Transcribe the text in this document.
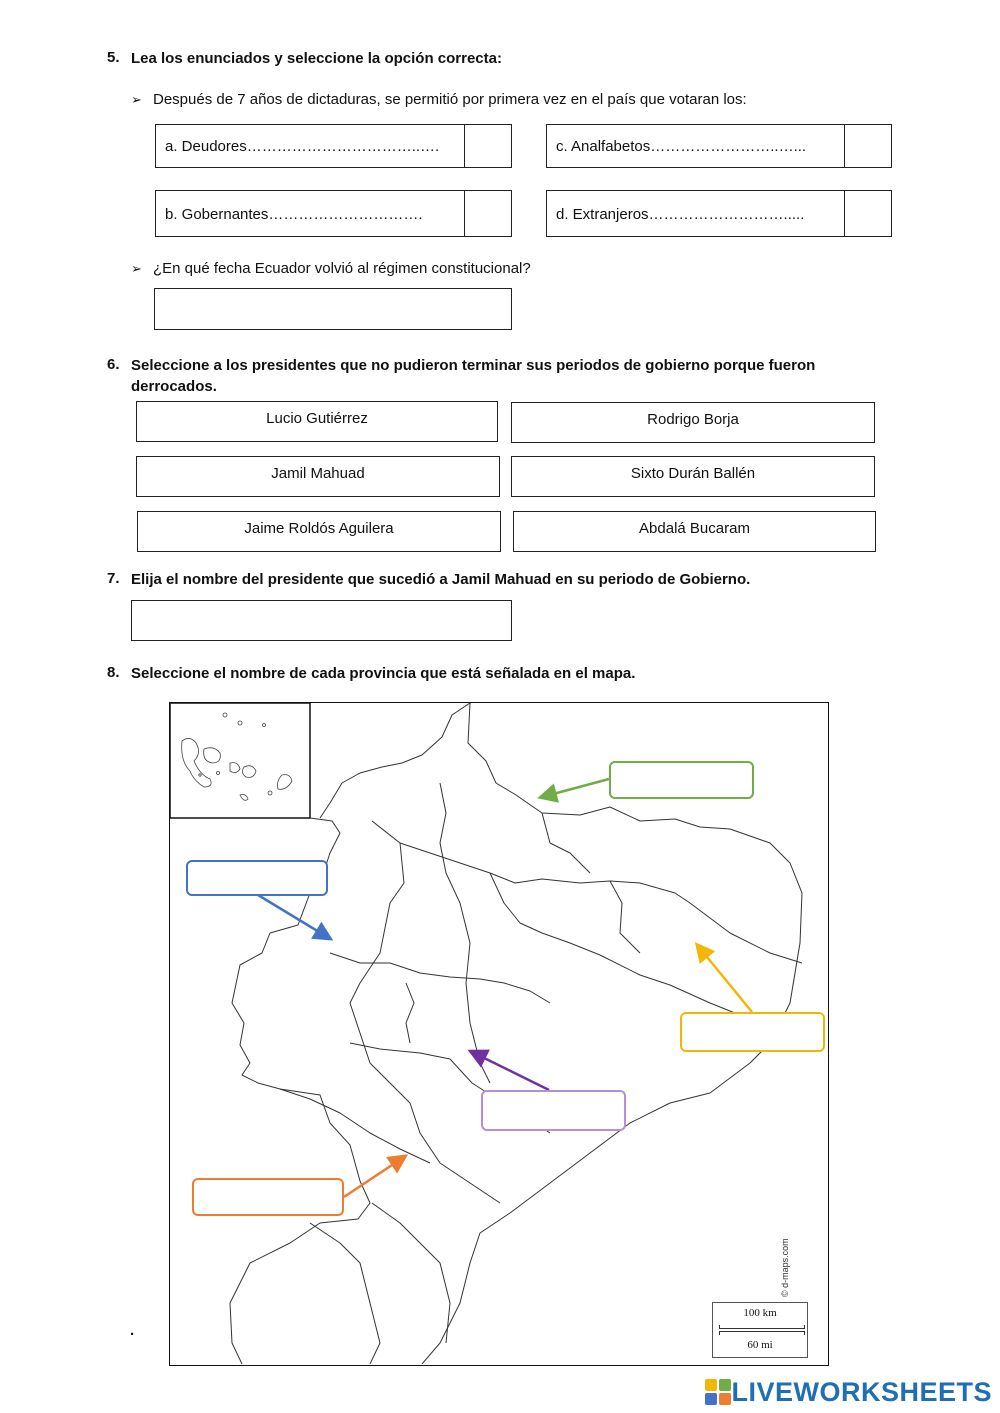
5. Lea los enunciados y seleccione la opción correcta:
➢ Después de 7 años de dictaduras, se permitió por primera vez en el país que votaran los:
a. Deudores……………………………..….	c. Analfabetos……………………..…...
b. Gobernantes………………………….	d. Extranjeros……………………….....
➢ ¿En qué fecha Ecuador volvió al régimen constitucional?
6. Seleccione a los presidentes que no pudieron terminar sus periodos de gobierno porque fueron
derrocados.
Lucio Gutiérrez	Rodrigo Borja
Jamil Mahuad	Sixto Durán Ballén
Jaime Roldós Aguilera	Abdalá Bucaram
7. Elija el nombre del presidente que sucedió a Jamil Mahuad en su periodo de Gobierno.
8. Seleccione el nombre de cada provincia que está señalada en el mapa.
100 km
60 mi
© d-maps.com
.
LIVEWORKSHEETS
